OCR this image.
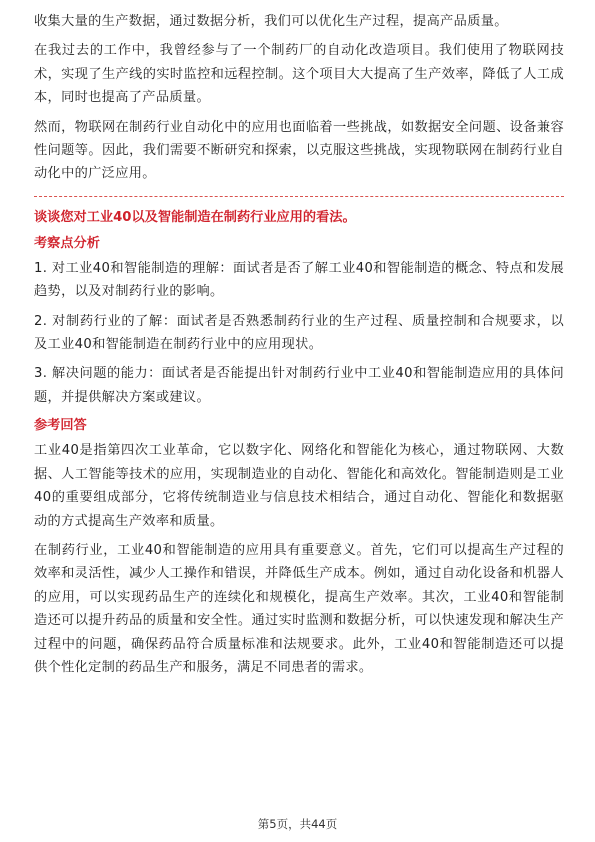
收集大量的生产数据，通过数据分析，我们可以优化生产过程，提高产品质量。

在我过去的工作中，我曾经参与了一个制药厂的自动化改造项目。我们使用了物联网技术，实现了生产线的实时监控和远程控制。这个项目大大提高了生产效率，降低了人工成本，同时也提高了产品质量。

然而，物联网在制药行业自动化中的应用也面临着一些挑战，如数据安全问题、设备兼容性问题等。因此，我们需要不断研究和探索，以克服这些挑战，实现物联网在制药行业自动化中的广泛应用。

谈谈您对工业40以及智能制造在制药行业应用的看法。
考察点分析

1. 对工业40和智能制造的理解：面试者是否了解工业40和智能制造的概念、特点和发展趋势，以及对制药行业的影响。

2. 对制药行业的了解：面试者是否熟悉制药行业的生产过程、质量控制和合规要求，以及工业40和智能制造在制药行业中的应用现状。

3. 解决问题的能力：面试者是否能提出针对制药行业中工业40和智能制造应用的具体问题，并提供解决方案或建议。

参考回答

工业40是指第四次工业革命，它以数字化、网络化和智能化为核心，通过物联网、大数据、人工智能等技术的应用，实现制造业的自动化、智能化和高效化。智能制造则是工业40的重要组成部分，它将传统制造业与信息技术相结合，通过自动化、智能化和数据驱动的方式提高生产效率和质量。

在制药行业，工业40和智能制造的应用具有重要意义。首先，它们可以提高生产过程的效率和灵活性，减少人工操作和错误，并降低生产成本。例如，通过自动化设备和机器人的应用，可以实现药品生产的连续化和规模化，提高生产效率。其次，工业40和智能制造还可以提升药品的质量和安全性。通过实时监测和数据分析，可以快速发现和解决生产过程中的问题，确保药品符合质量标准和法规要求。此外，工业40和智能制造还可以提供个性化定制的药品生产和服务，满足不同患者的需求。

第5页，共44页
